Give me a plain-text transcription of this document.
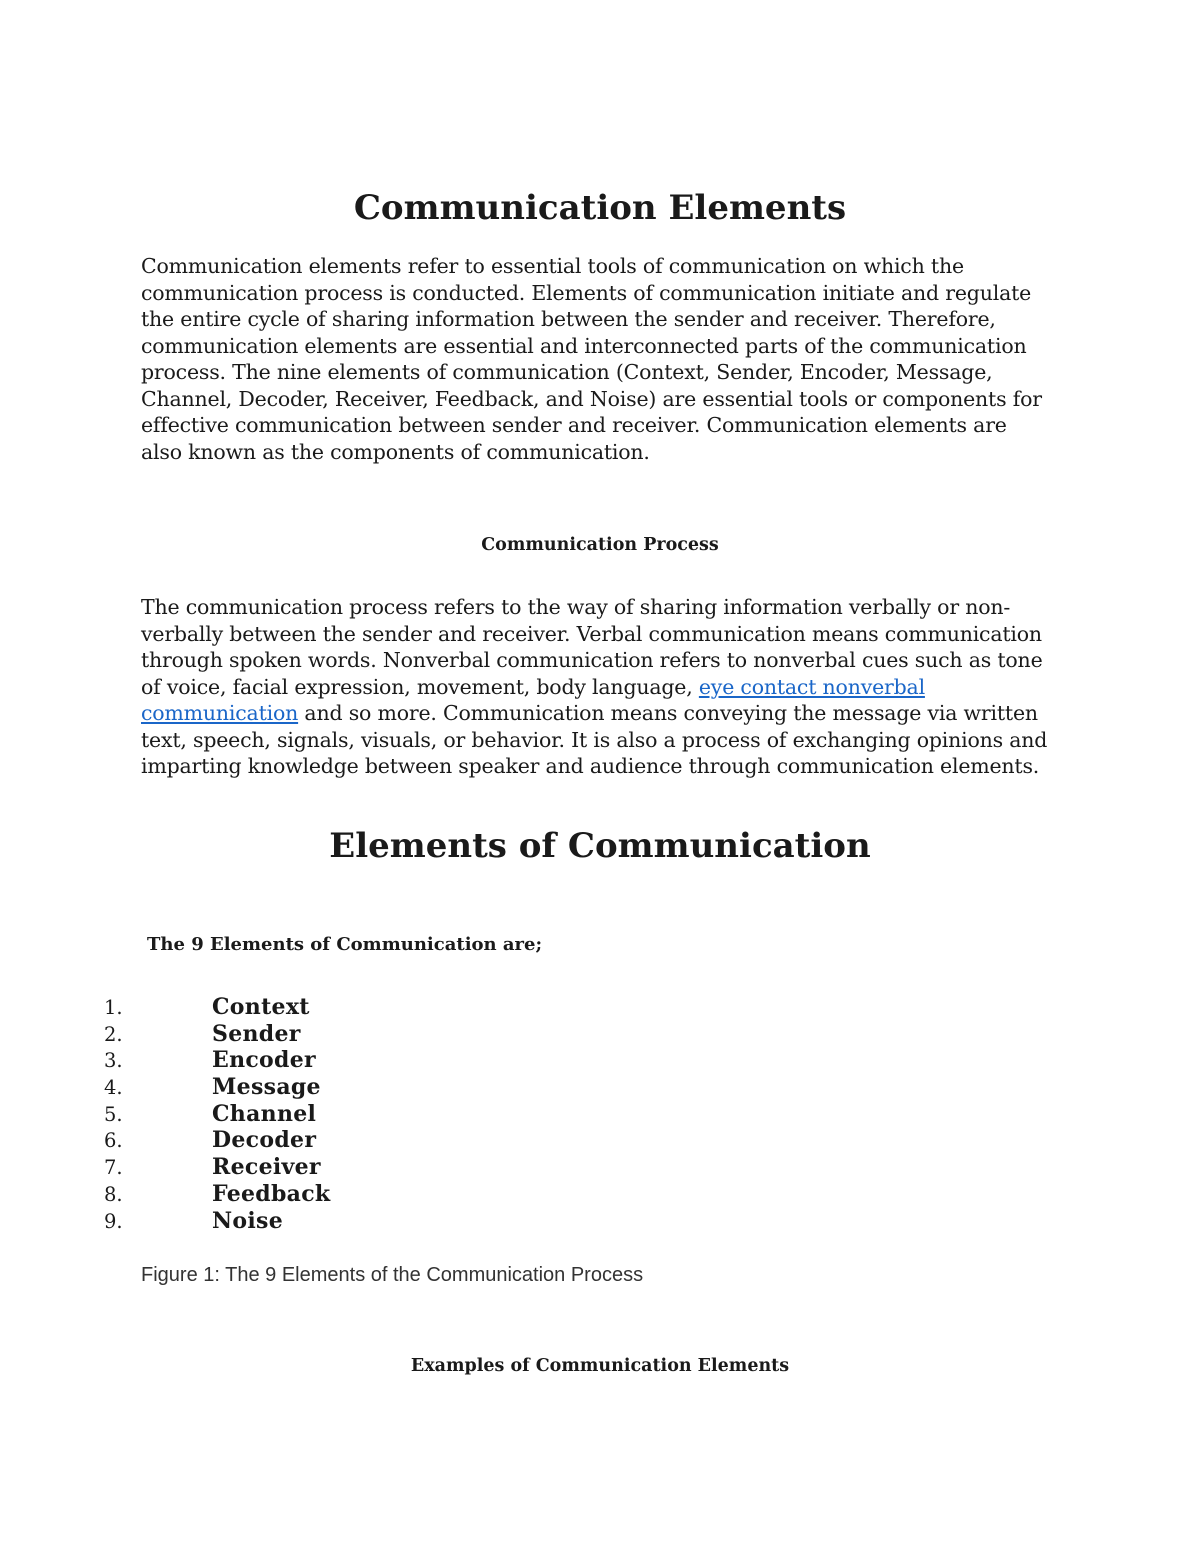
Communication Elements

Communication elements refer to essential tools of communication on which the
communication process is conducted. Elements of communication initiate and regulate
the entire cycle of sharing information between the sender and receiver. Therefore,
communication elements are essential and interconnected parts of the communication
process. The nine elements of communication (Context, Sender, Encoder, Message,
Channel, Decoder, Receiver, Feedback, and Noise) are essential tools or components for
effective communication between sender and receiver. Communication elements are
also known as the components of communication.

Communication Process

The communication process refers to the way of sharing information verbally or non-
verbally between the sender and receiver. Verbal communication means communication
through spoken words. Nonverbal communication refers to nonverbal cues such as tone
of voice, facial expression, movement, body language, eye contact nonverbal
communication and so more. Communication means conveying the message via written
text, speech, signals, visuals, or behavior. It is also a process of exchanging opinions and
imparting knowledge between speaker and audience through communication elements.

Elements of Communication

The 9 Elements of Communication are;

1.	Context
2.	Sender
3.	Encoder
4.	Message
5.	Channel
6.	Decoder
7.	Receiver
8.	Feedback
9.	Noise

Figure 1: The 9 Elements of the Communication Process

Examples of Communication Elements
